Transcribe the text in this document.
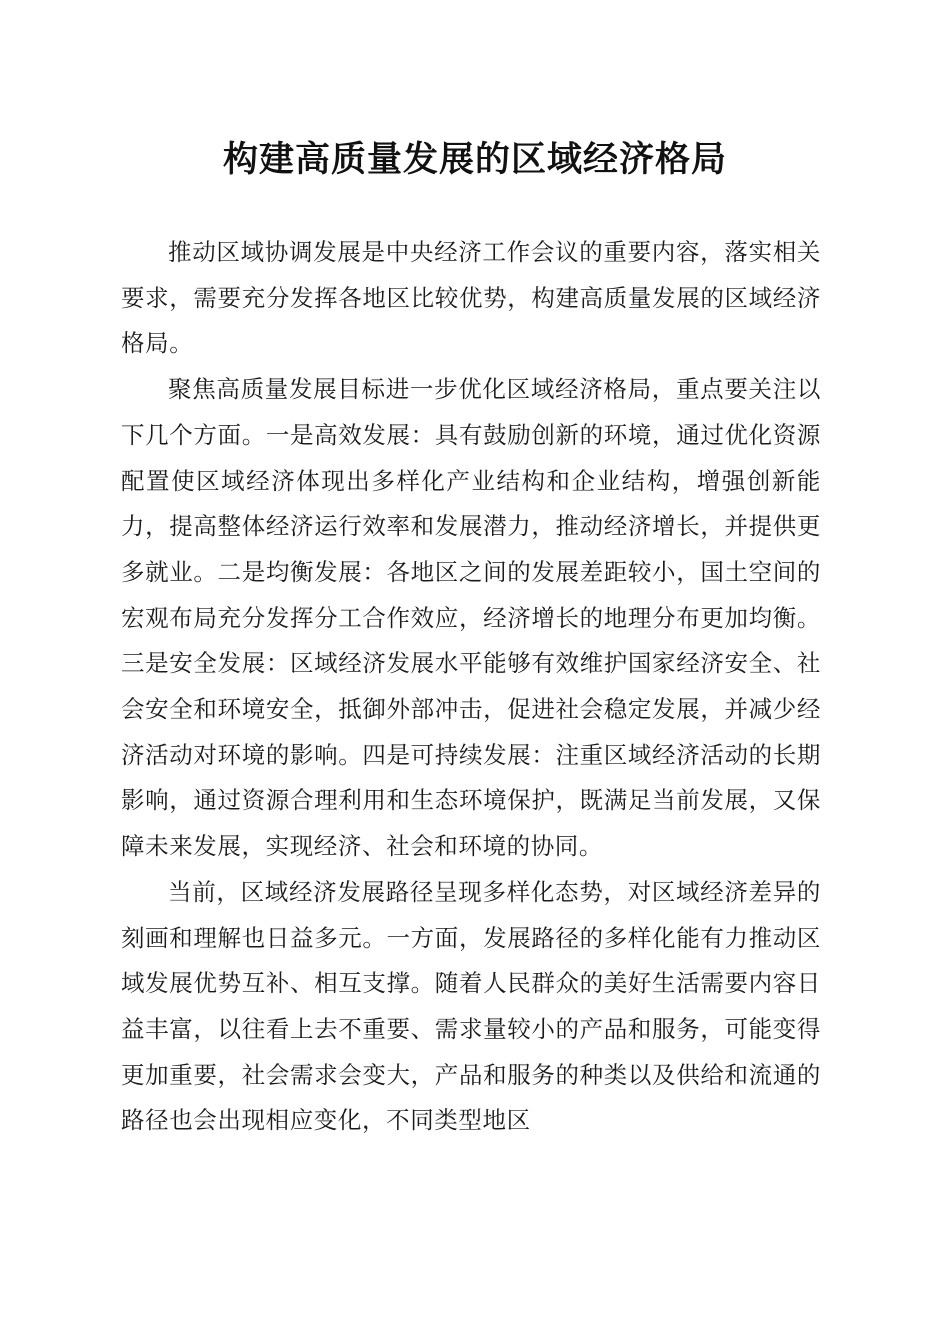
构建高质量发展的区域经济格局

推动区域协调发展是中央经济工作会议的重要内容，落实相关要求，需要充分发挥各地区比较优势，构建高质量发展的区域经济格局。

聚焦高质量发展目标进一步优化区域经济格局，重点要关注以下几个方面。一是高效发展：具有鼓励创新的环境，通过优化资源配置使区域经济体现出多样化产业结构和企业结构，增强创新能力，提高整体经济运行效率和发展潜力，推动经济增长，并提供更多就业。二是均衡发展：各地区之间的发展差距较小，国土空间的宏观布局充分发挥分工合作效应，经济增长的地理分布更加均衡。三是安全发展：区域经济发展水平能够有效维护国家经济安全、社会安全和环境安全，抵御外部冲击，促进社会稳定发展，并减少经济活动对环境的影响。四是可持续发展：注重区域经济活动的长期影响，通过资源合理利用和生态环境保护，既满足当前发展，又保障未来发展，实现经济、社会和环境的协同。

当前，区域经济发展路径呈现多样化态势，对区域经济差异的刻画和理解也日益多元。一方面，发展路径的多样化能有力推动区域发展优势互补、相互支撑。随着人民群众的美好生活需要内容日益丰富，以往看上去不重要、需求量较小的产品和服务，可能变得更加重要，社会需求会变大，产品和服务的种类以及供给和流通的路径也会出现相应变化，不同类型地区
